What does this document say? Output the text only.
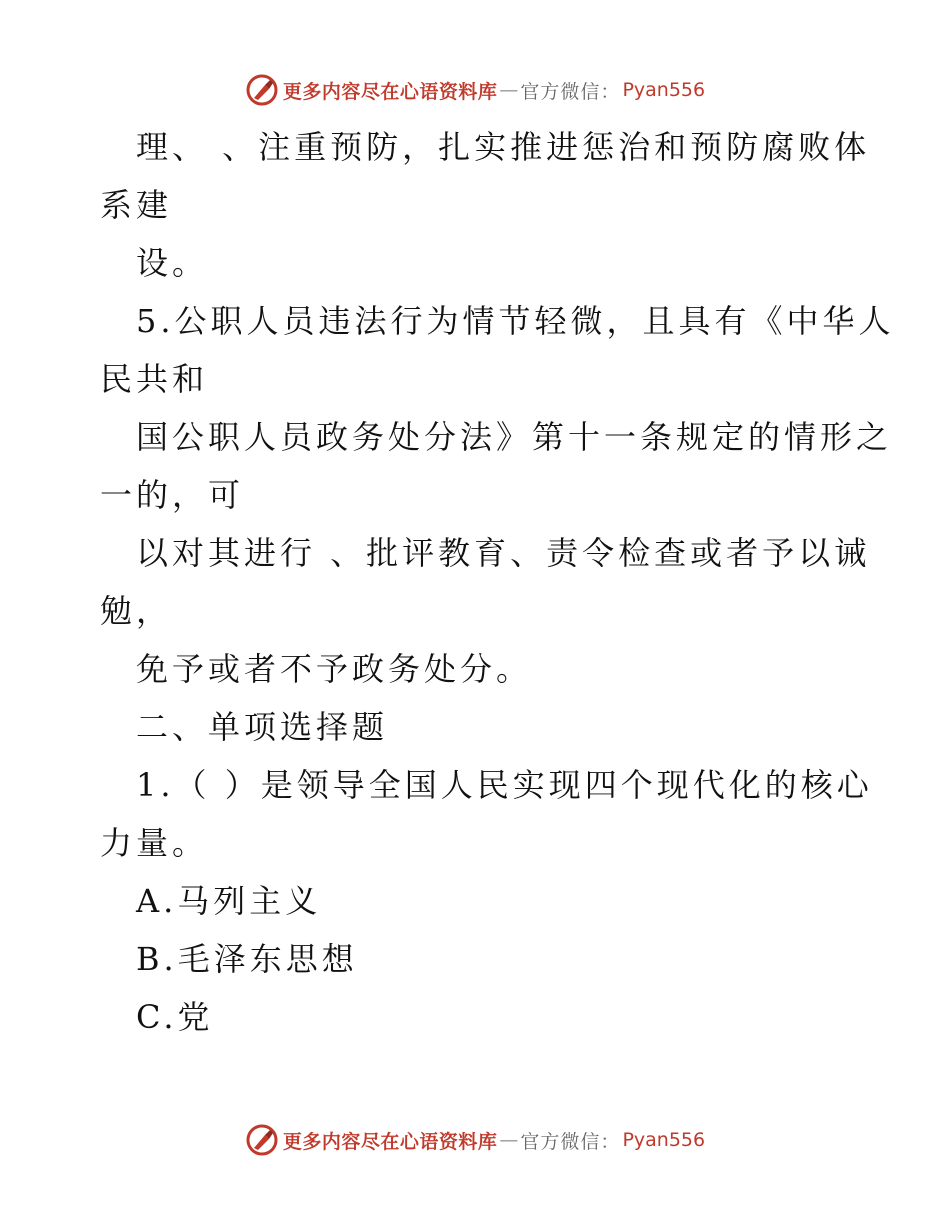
更多内容尽在心语资料库 — 官方微信： Pyan556
理、 、注重预防，扎实推进惩治和预防腐败体
系建
设。
5.公职人员违法行为情节轻微，且具有《中华人
民共和
国公职人员政务处分法》第十一条规定的情形之
一的，可
以对其进行 、批评教育、责令检查或者予以诫
勉，
免予或者不予政务处分。
二、单项选择题
1.（ ）是领导全国人民实现四个现代化的核心
力量。
A.马列主义
B.毛泽东思想
C.党
更多内容尽在心语资料库 — 官方微信： Pyan556
